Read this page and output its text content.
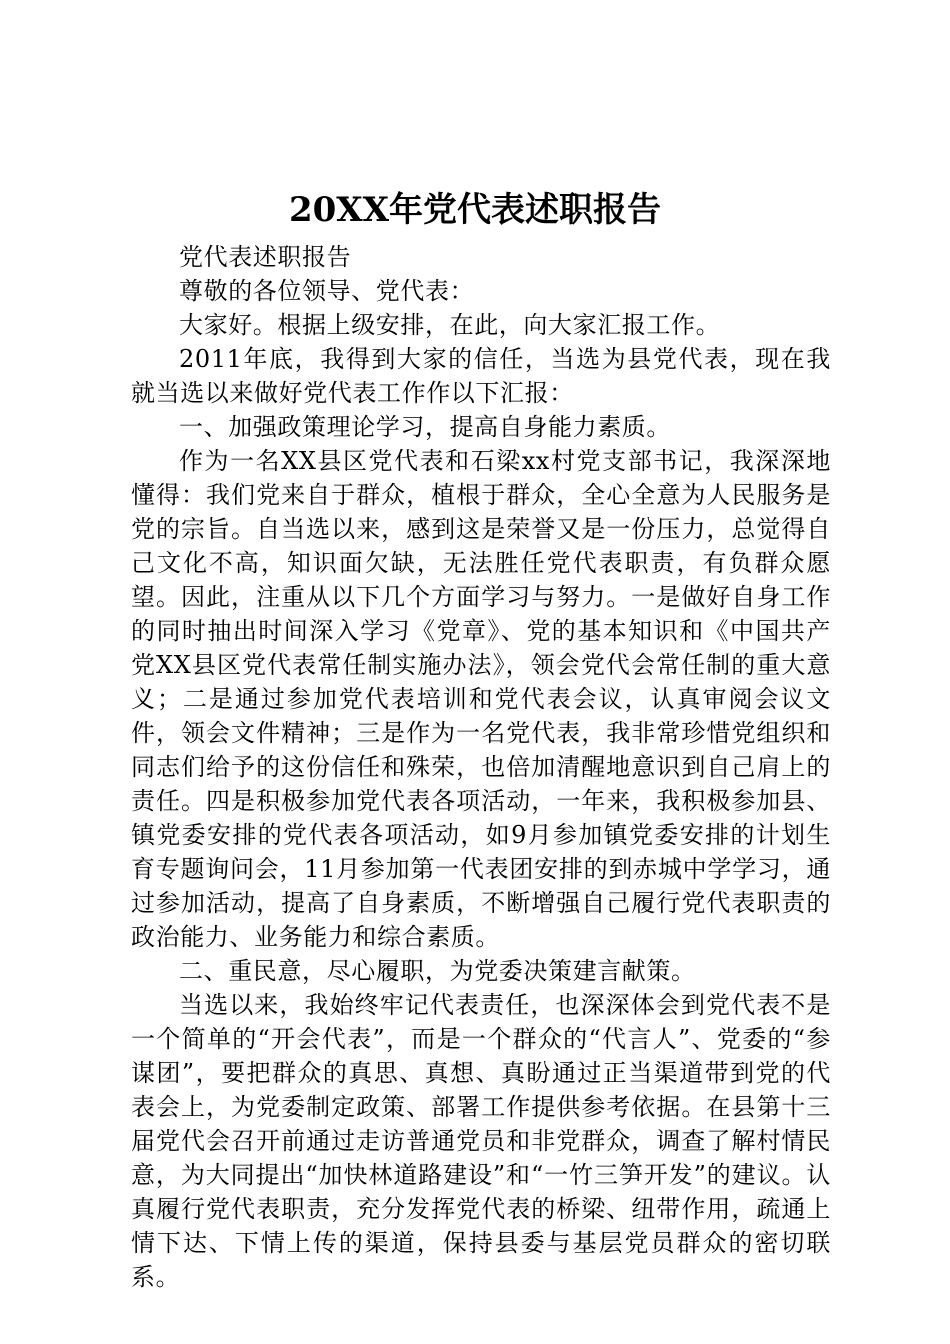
20XX年党代表述职报告

党代表述职报告

尊敬的各位领导、党代表：

大家好。根据上级安排，在此，向大家汇报工作。

2011年底，我得到大家的信任，当选为县党代表，现在我就当选以来做好党代表工作作以下汇报：

一、加强政策理论学习，提高自身能力素质。

作为一名XX县区党代表和石梁xx村党支部书记，我深深地懂得：我们党来自于群众，植根于群众，全心全意为人民服务是党的宗旨。自当选以来，感到这是荣誉又是一份压力，总觉得自己文化不高，知识面欠缺，无法胜任党代表职责，有负群众愿望。因此，注重从以下几个方面学习与努力。一是做好自身工作的同时抽出时间深入学习《党章》、党的基本知识和《中国共产党XX县区党代表常任制实施办法》，领会党代会常任制的重大意义；二是通过参加党代表培训和党代表会议，认真审阅会议文件，领会文件精神；三是作为一名党代表，我非常珍惜党组织和同志们给予的这份信任和殊荣，也倍加清醒地意识到自己肩上的责任。四是积极参加党代表各项活动，一年来，我积极参加县、镇党委安排的党代表各项活动，如9月参加镇党委安排的计划生育专题询问会，11月参加第一代表团安排的到赤城中学学习，通过参加活动，提高了自身素质，不断增强自己履行党代表职责的政治能力、业务能力和综合素质。

二、重民意，尽心履职，为党委决策建言献策。

当选以来，我始终牢记代表责任，也深深体会到党代表不是一个简单的“开会代表”，而是一个群众的“代言人”、党委的“参谋团”，要把群众的真思、真想、真盼通过正当渠道带到党的代表会上，为党委制定政策、部署工作提供参考依据。在县第十三届党代会召开前通过走访普通党员和非党群众，调查了解村情民意，为大同提出“加快林道路建设”和“一竹三笋开发”的建议。认真履行党代表职责，充分发挥党代表的桥梁、纽带作用，疏通上情下达、下情上传的渠道，保持县委与基层党员群众的密切联系。
